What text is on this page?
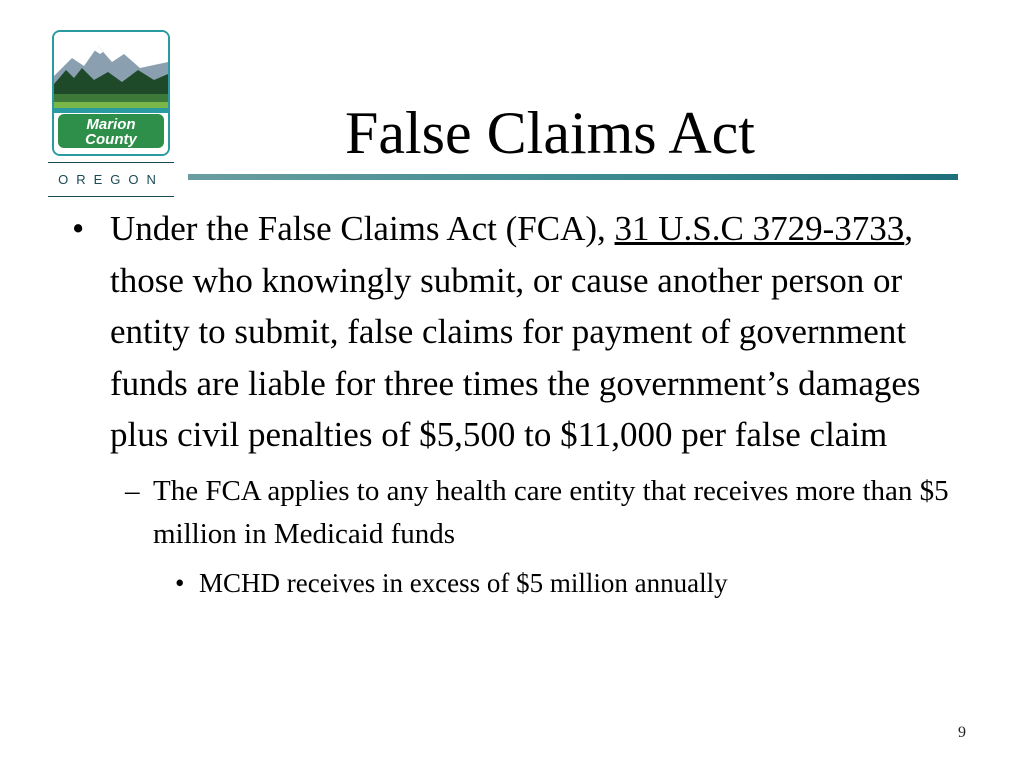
Marion
County
OREGON
False Claims Act
• Under the False Claims Act (FCA), 31 U.S.C 3729-3733, those who knowingly submit, or cause another person or entity to submit, false claims for payment of government funds are liable for three times the government’s damages plus civil penalties of $5,500 to $11,000 per false claim
– The FCA applies to any health care entity that receives more than $5 million in Medicaid funds
• MCHD receives in excess of $5 million annually
9
